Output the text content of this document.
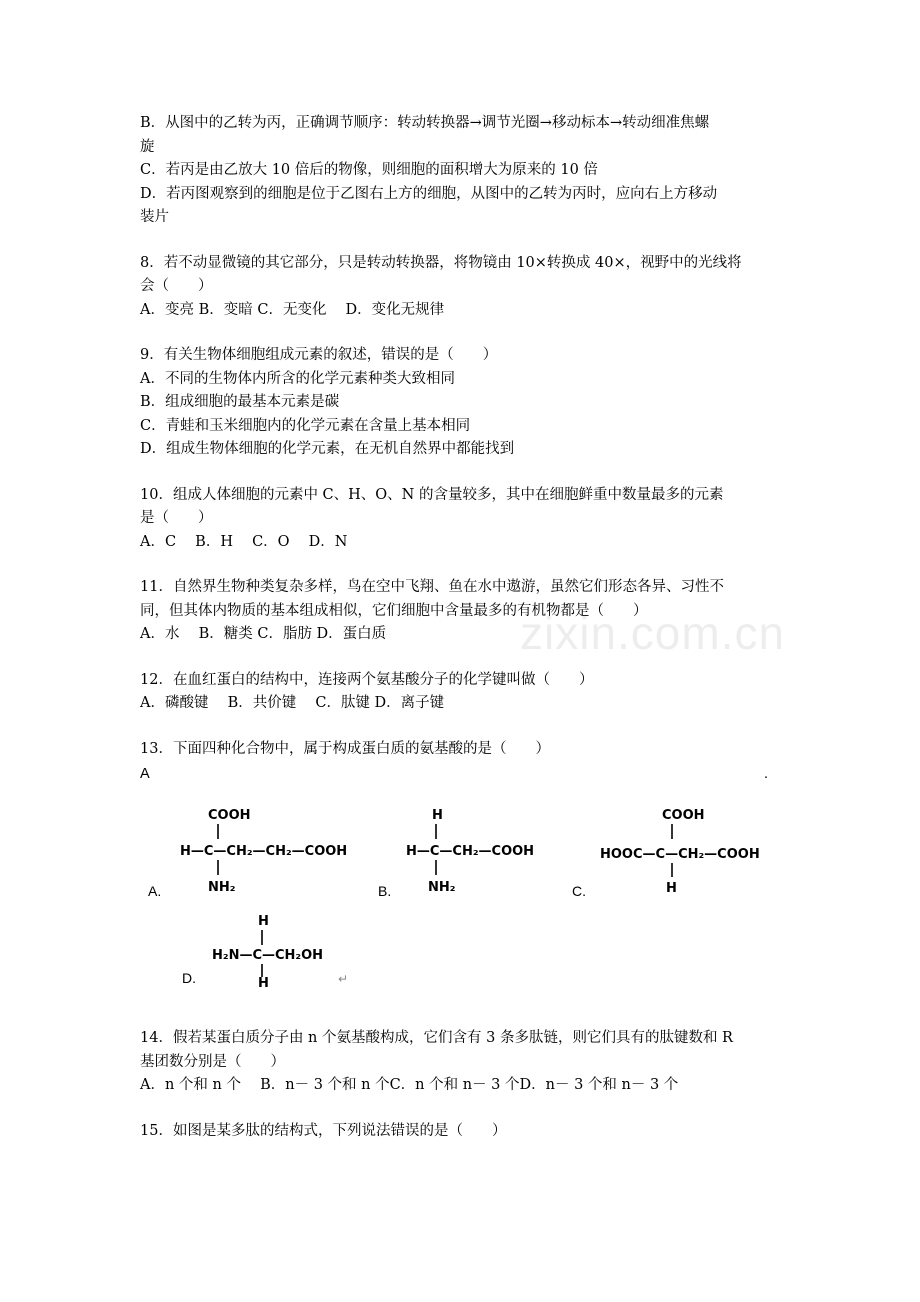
zixin.com.cn
B．从图中的乙转为丙，正确调节顺序：转动转换器→调节光圈→移动标本→转动细准焦螺
旋
C．若丙是由乙放大 10 倍后的物像，则细胞的面积增大为原来的 10 倍
D．若丙图观察到的细胞是位于乙图右上方的细胞，从图中的乙转为丙时，应向右上方移动
装片
8．若不动显微镜的其它部分，只是转动转换器，将物镜由 10×转换成 40×，视野中的光线将
会（　　）
A．变亮 B．变暗 C．无变化　 D．变化无规律
9．有关生物体细胞组成元素的叙述，错误的是（　　）
A．不同的生物体内所含的化学元素种类大致相同
B．组成细胞的最基本元素是碳
C．青蛙和玉米细胞内的化学元素在含量上基本相同
D．组成生物体细胞的化学元素，在无机自然界中都能找到
10．组成人体细胞的元素中 C、H、O、N 的含量较多，其中在细胞鲜重中数量最多的元素
是（　　）
A．C　 B．H　 C．O　 D．N
11．自然界生物种类复杂多样，鸟在空中飞翔、鱼在水中遨游，虽然它们形态各异、习性不
同，但其体内物质的基本组成相似，它们细胞中含量最多的有机物都是（　　）
A．水　 B．糖类 C．脂肪 D．蛋白质
12．在血红蛋白的结构中，连接两个氨基酸分子的化学键叫做（　　）
A．磷酸键　 B．共价键　 C．肽键 D．离子键
13．下面四种化合物中，属于构成蛋白质的氨基酸的是（　　）
A	.
COOH
H—C—CH₂—CH₂—COOH
NH₂
A.
H
H—C—CH₂—COOH
NH₂
B.
COOH
HOOC—C—CH₂—COOH
H
C.
H
H₂N—C—CH₂OH
H
D.	↵
14．假若某蛋白质分子由 n 个氨基酸构成，它们含有 3 条多肽链，则它们具有的肽键数和 R
基团数分别是（　　）
A．n 个和 n 个　 B．n－ 3 个和 n 个C．n 个和 n－ 3 个D．n－ 3 个和 n－ 3 个
15．如图是某多肽的结构式，下列说法错误的是（　　）
